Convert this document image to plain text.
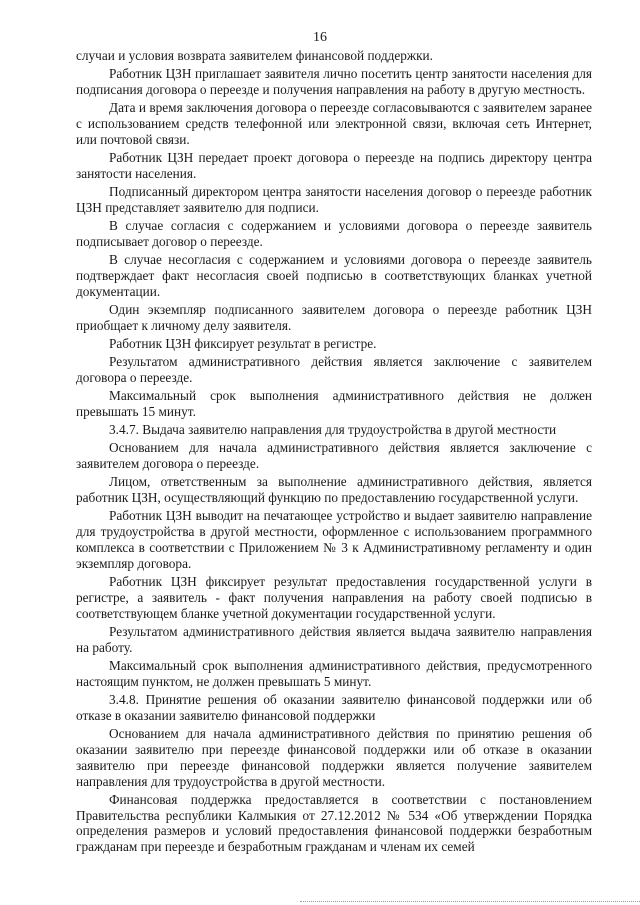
16

случаи и условия возврата заявителем финансовой поддержки.

Работник ЦЗН приглашает заявителя лично посетить центр занятости населения для подписания договора о переезде и получения направления на работу в другую местность.

Дата и время заключения договора о переезде согласовываются с заявителем заранее с использованием средств телефонной или электронной связи, включая сеть Интернет, или почтовой связи.

Работник ЦЗН передает проект договора о переезде на подпись директору центра занятости населения.

Подписанный директором центра занятости населения договор о переезде работник ЦЗН представляет заявителю для подписи.

В случае согласия с содержанием и условиями договора о переезде заявитель подписывает договор о переезде.

В случае несогласия с содержанием и условиями договора о переезде заявитель подтверждает факт несогласия своей подписью в соответствующих бланках учетной документации.

Один экземпляр подписанного заявителем договора о переезде работник ЦЗН приобщает к личному делу заявителя.

Работник ЦЗН фиксирует результат в регистре.

Результатом административного действия является заключение с заявителем договора о переезде.

Максимальный срок выполнения административного действия не должен превышать 15 минут.

3.4.7. Выдача заявителю направления для трудоустройства в другой местности

Основанием для начала административного действия является заключение с заявителем договора о переезде.

Лицом, ответственным за выполнение административного действия, является работник ЦЗН, осуществляющий функцию по предоставлению государственной услуги.

Работник ЦЗН выводит на печатающее устройство и выдает заявителю направление для трудоустройства в другой местности, оформленное с использованием программного комплекса в соответствии с Приложением № 3 к Административному регламенту и один экземпляр договора.

Работник ЦЗН фиксирует результат предоставления государственной услуги в регистре, а заявитель - факт получения направления на работу своей подписью в соответствующем бланке учетной документации государственной услуги.

Результатом административного действия является выдача заявителю направления на работу.

Максимальный срок выполнения административного действия, предусмотренного настоящим пунктом, не должен превышать 5 минут.

3.4.8. Принятие решения об оказании заявителю финансовой поддержки или об отказе в оказании заявителю финансовой поддержки

Основанием для начала административного действия по принятию решения об оказании заявителю при переезде финансовой поддержки или об отказе в оказании заявителю при переезде финансовой поддержки является получение заявителем направления для трудоустройства в другой местности.

Финансовая поддержка предоставляется в соответствии с постановлением Правительства республики Калмыкия от 27.12.2012 № 534 «Об утверждении Порядка определения размеров и условий предоставления финансовой поддержки безработным гражданам при переезде и безработным гражданам и членам их семей
